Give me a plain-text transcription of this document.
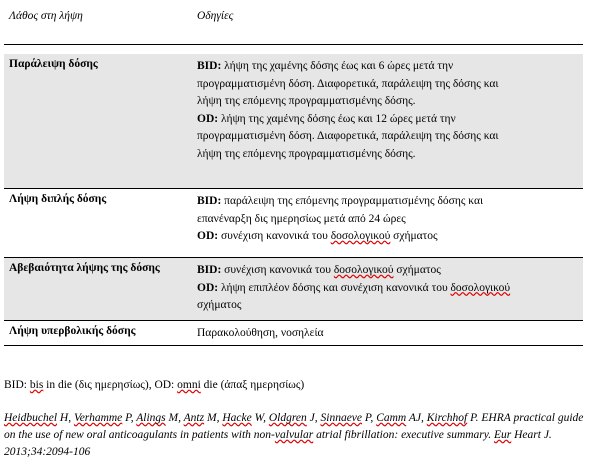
Λάθος στη λήψη	Οδηγίες
Παράλειψη δόσης	BID: λήψη της χαμένης δόσης έως και 6 ώρες μετά την προγραμματισμένη δόση. Διαφορετικά, παράλειψη της δόσης και λήψη της επόμενης προγραμματισμένης δόσης.

OD: λήψη της χαμένης δόσης έως και 12 ώρες μετά την προγραμματισμένη δόση. Διαφορετικά, παράλειψη της δόσης και λήψη της επόμενης προγραμματισμένης δόσης.

Λήψη διπλής δόσης	BID: παράλειψη της επόμενης προγραμματισμένης δόσης και επανέναρξη δις ημερησίως μετά από 24 ώρες

OD: συνέχιση κανονικά του δοσολογικού σχήματος

Αβεβαιότητα λήψης της δόσης	BID: συνέχιση κανονικά του δοσολογικού σχήματος

OD: λήψη επιπλέον δόσης και συνέχιση κανονικά του δοσολογικού σχήματος

Λήψη υπερβολικής δόσης	Παρακολούθηση, νοσηλεία

BID: bis in die (δις ημερησίως), OD: omni die (άπαξ ημερησίως)
Heidbuchel H, Verhamme P, Alings M, Antz M, Hacke W, Oldgren J, Sinnaeve P, Camm AJ, Kirchhof P. EHRA practical guide on the use of new oral anticoagulants in patients with non-valvular atrial fibrillation: executive summary. Eur Heart J. 2013;34:2094-106
